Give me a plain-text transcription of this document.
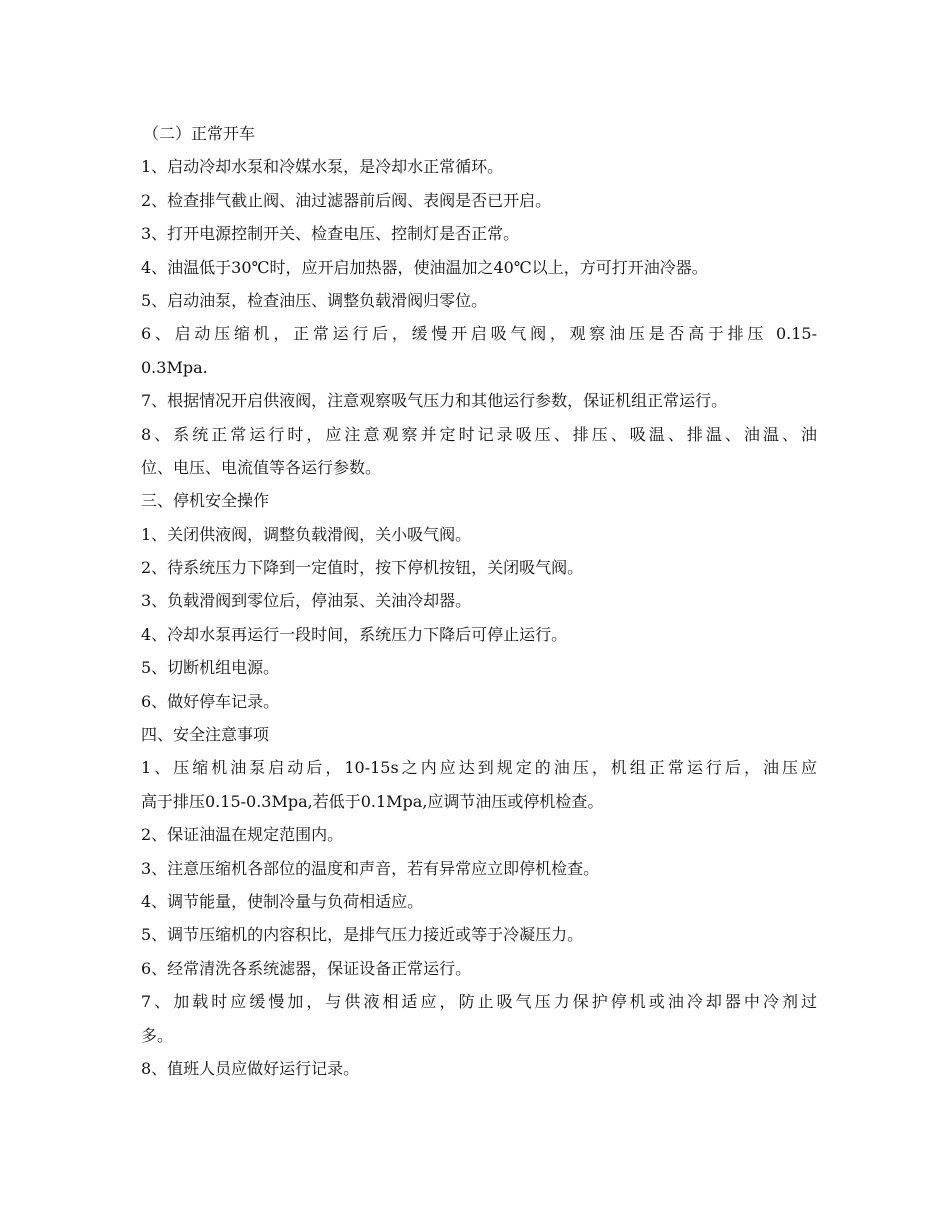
（二）正常开车
1、启动冷却水泵和冷媒水泵，是冷却水正常循环。
2、检查排气截止阀、油过滤器前后阀、表阀是否已开启。
3、打开电源控制开关、检查电压、控制灯是否正常。
4、油温低于30℃时，应开启加热器，使油温加之40℃以上，方可打开油冷器。
5、启动油泵，检查油压、调整负载滑阀归零位。
6、启动压缩机，正常运行后，缓慢开启吸气阀，观察油压是否高于排压 0.15-
0.3Mpa.
7、根据情况开启供液阀，注意观察吸气压力和其他运行参数，保证机组正常运行。
8、系统正常运行时，应注意观察并定时记录吸压、排压、吸温、排温、油温、油
位、电压、电流值等各运行参数。
三、停机安全操作
1、关闭供液阀，调整负载滑阀，关小吸气阀。
2、待系统压力下降到一定值时，按下停机按钮，关闭吸气阀。
3、负载滑阀到零位后，停油泵、关油冷却器。
4、冷却水泵再运行一段时间，系统压力下降后可停止运行。
5、切断机组电源。
6、做好停车记录。
四、安全注意事项
1、压缩机油泵启动后，10-15s之内应达到规定的油压，机组正常运行后，油压应
高于排压0.15-0.3Mpa,若低于0.1Mpa,应调节油压或停机检查。
2、保证油温在规定范围内。
3、注意压缩机各部位的温度和声音，若有异常应立即停机检查。
4、调节能量，使制冷量与负荷相适应。
5、调节压缩机的内容积比，是排气压力接近或等于冷凝压力。
6、经常清洗各系统滤器，保证设备正常运行。
7、加载时应缓慢加，与供液相适应，防止吸气压力保护停机或油冷却器中冷剂过
多。
8、值班人员应做好运行记录。
